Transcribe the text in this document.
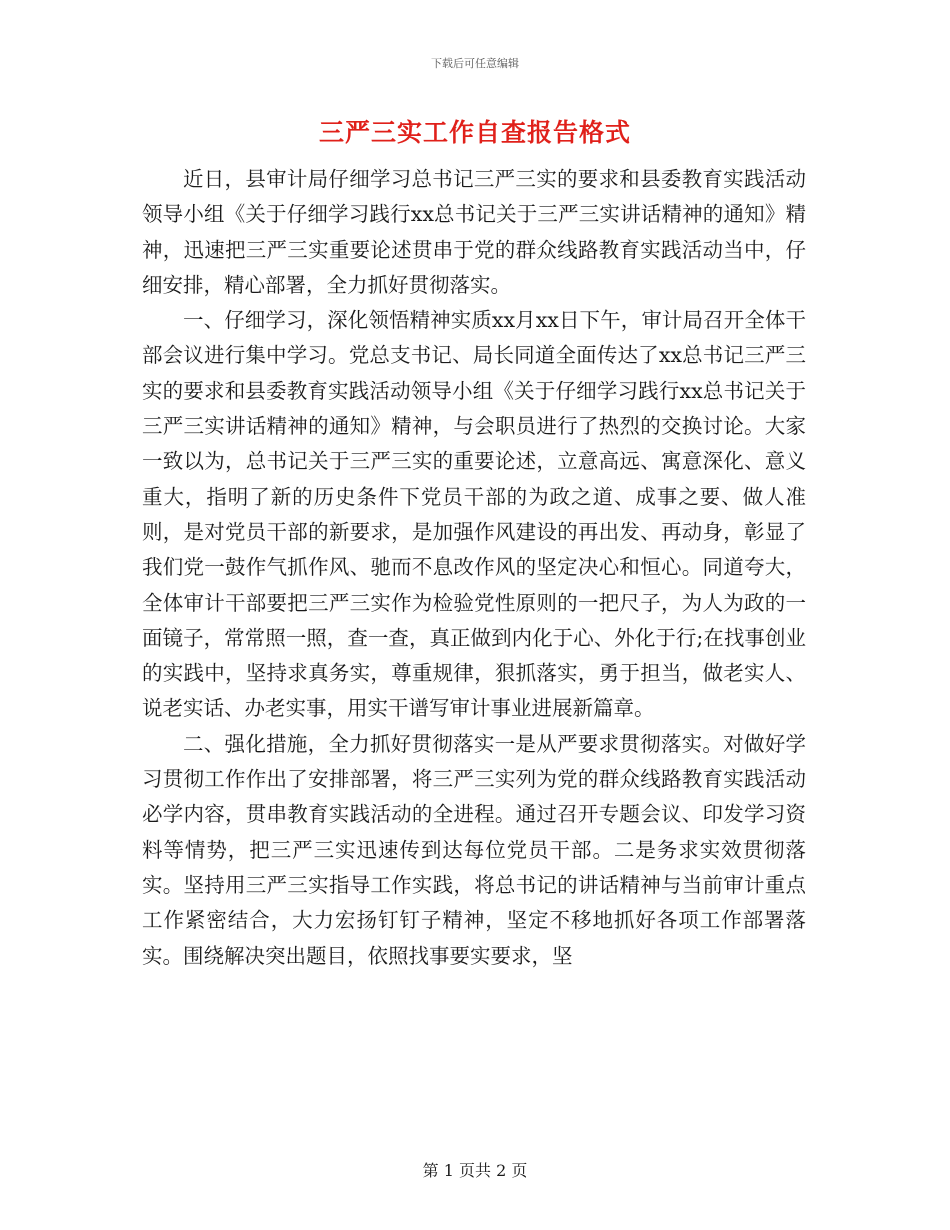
下载后可任意编辑
三严三实工作自查报告格式

近日，县审计局仔细学习总书记三严三实的要求和县委教育实践活动领导小组《关于仔细学习践行xx总书记关于三严三实讲话精神的通知》精神，迅速把三严三实重要论述贯串于党的群众线路教育实践活动当中，仔细安排，精心部署，全力抓好贯彻落实。

一、仔细学习，深化领悟精神实质xx月xx日下午，审计局召开全体干部会议进行集中学习。党总支书记、局长同道全面传达了xx总书记三严三实的要求和县委教育实践活动领导小组《关于仔细学习践行xx总书记关于三严三实讲话精神的通知》精神，与会职员进行了热烈的交换讨论。大家一致以为，总书记关于三严三实的重要论述，立意高远、寓意深化、意义重大，指明了新的历史条件下党员干部的为政之道、成事之要、做人准则，是对党员干部的新要求，是加强作风建设的再出发、再动身，彰显了我们党一鼓作气抓作风、驰而不息改作风的坚定决心和恒心。同道夸大，全体审计干部要把三严三实作为检验党性原则的一把尺子，为人为政的一面镜子，常常照一照，查一查，真正做到内化于心、外化于行;在找事创业的实践中，坚持求真务实，尊重规律，狠抓落实，勇于担当，做老实人、说老实话、办老实事，用实干谱写审计事业进展新篇章。

二、强化措施，全力抓好贯彻落实一是从严要求贯彻落实。对做好学习贯彻工作作出了安排部署，将三严三实列为党的群众线路教育实践活动必学内容，贯串教育实践活动的全进程。通过召开专题会议、印发学习资料等情势，把三严三实迅速传到达每位党员干部。二是务求实效贯彻落实。坚持用三严三实指导工作实践，将总书记的讲话精神与当前审计重点工作紧密结合，大力宏扬钉钉子精神，坚定不移地抓好各项工作部署落实。围绕解决突出题目，依照找事要实要求，坚

第 1 页共 2 页
